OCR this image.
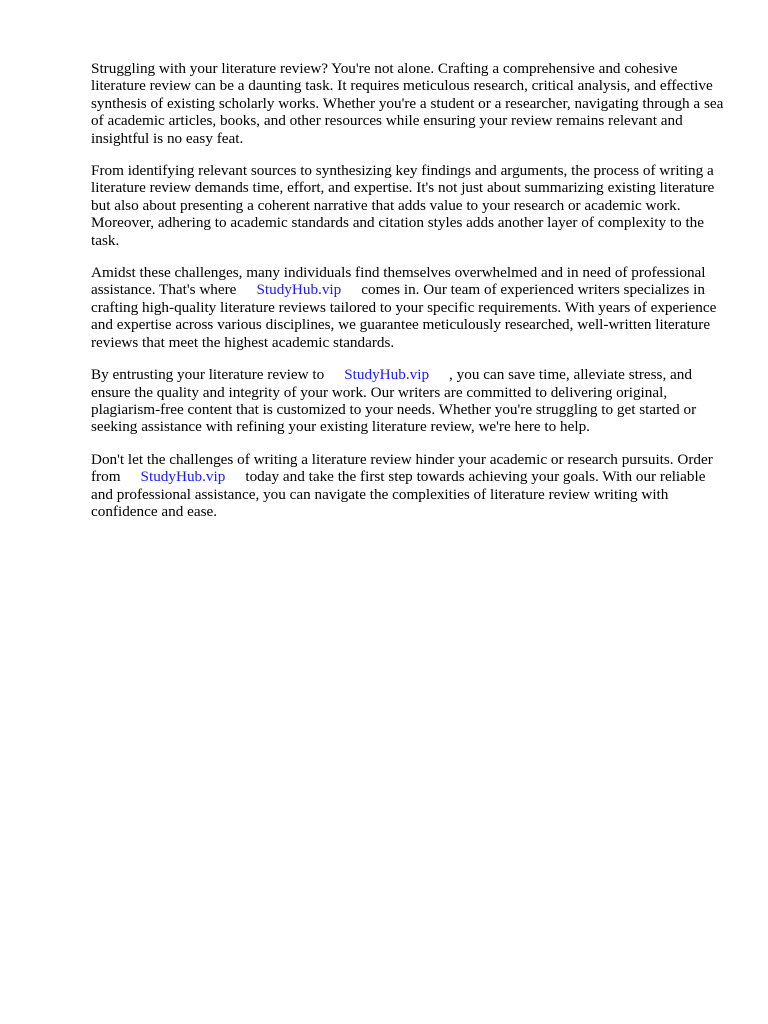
Struggling with your literature review? You're not alone. Crafting a comprehensive and cohesive literature review can be a daunting task. It requires meticulous research, critical analysis, and effective synthesis of existing scholarly works. Whether you're a student or a researcher, navigating through a sea of academic articles, books, and other resources while ensuring your review remains relevant and insightful is no easy feat.

From identifying relevant sources to synthesizing key findings and arguments, the process of writing a literature review demands time, effort, and expertise. It's not just about summarizing existing literature but also about presenting a coherent narrative that adds value to your research or academic work. Moreover, adhering to academic standards and citation styles adds another layer of complexity to the task.

Amidst these challenges, many individuals find themselves overwhelmed and in need of professional assistance. That's where StudyHub.vip comes in. Our team of experienced writers specializes in crafting high-quality literature reviews tailored to your specific requirements. With years of experience and expertise across various disciplines, we guarantee meticulously researched, well-written literature reviews that meet the highest academic standards.

By entrusting your literature review to StudyHub.vip , you can save time, alleviate stress, and ensure the quality and integrity of your work. Our writers are committed to delivering original, plagiarism-free content that is customized to your needs. Whether you're struggling to get started or seeking assistance with refining your existing literature review, we're here to help.

Don't let the challenges of writing a literature review hinder your academic or research pursuits. Order from StudyHub.vip today and take the first step towards achieving your goals. With our reliable and professional assistance, you can navigate the complexities of literature review writing with confidence and ease.
